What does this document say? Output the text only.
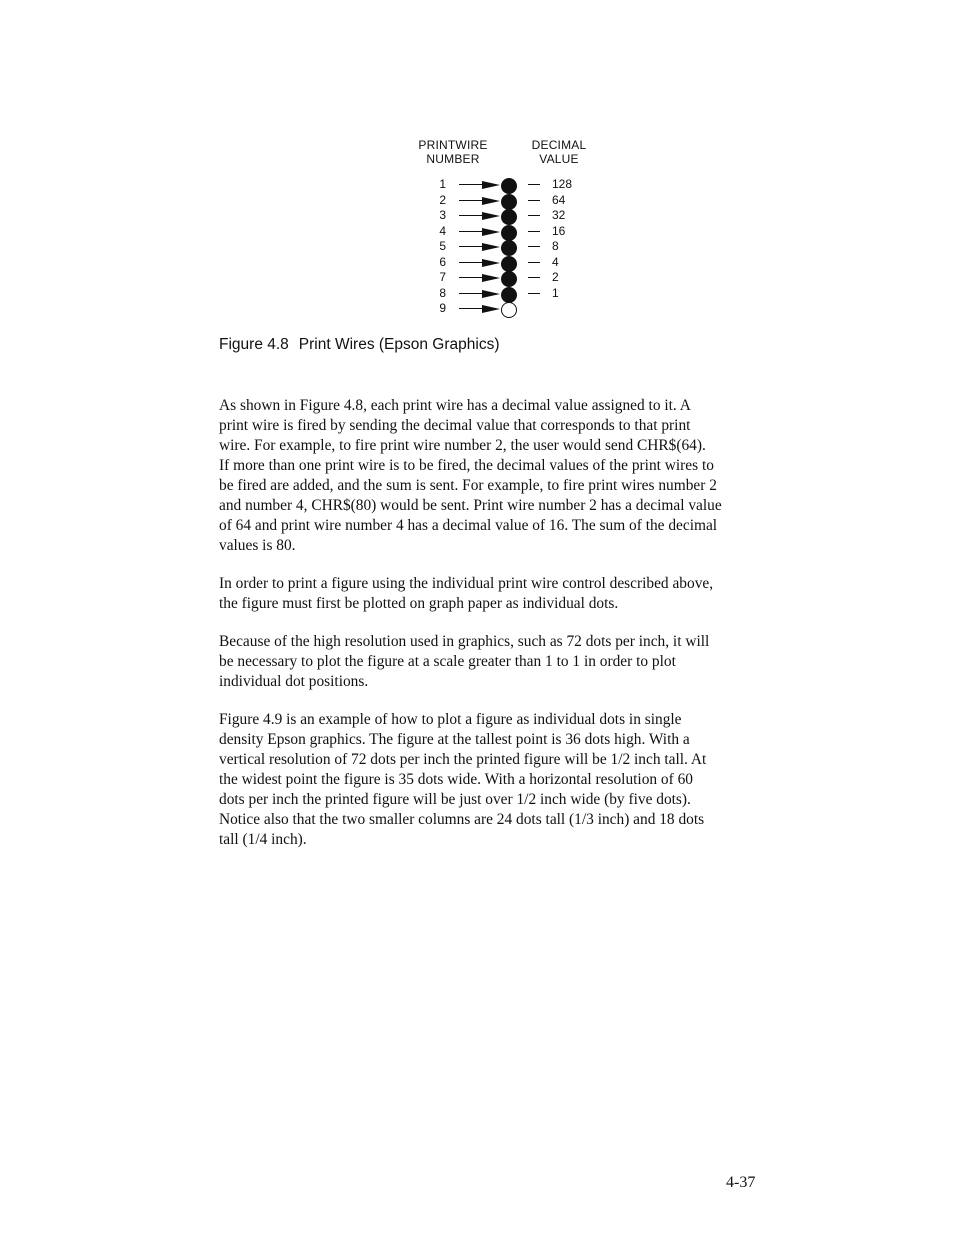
PRINTWIRE
NUMBER
DECIMAL
VALUE
1	128
2	64
3	32
4	16
5	8
6	4
7	2
8	1
9
Figure 4.8 Print Wires (Epson Graphics)

As shown in Figure 4.8, each print wire has a decimal value assigned to it. A

print wire is fired by sending the decimal value that corresponds to that print

wire. For example, to fire print wire number 2, the user would send CHR$(64).

If more than one print wire is to be fired, the decimal values of the print wires to

be fired are added, and the sum is sent. For example, to fire print wires number 2

and number 4, CHR$(80) would be sent. Print wire number 2 has a decimal value

of 64 and print wire number 4 has a decimal value of 16. The sum of the decimal

values is 80.

In order to print a figure using the individual print wire control described above,

the figure must first be plotted on graph paper as individual dots.

Because of the high resolution used in graphics, such as 72 dots per inch, it will

be necessary to plot the figure at a scale greater than 1 to 1 in order to plot

individual dot positions.

Figure 4.9 is an example of how to plot a figure as individual dots in single

density Epson graphics. The figure at the tallest point is 36 dots high. With a

vertical resolution of 72 dots per inch the printed figure will be 1/2 inch tall. At

the widest point the figure is 35 dots wide. With a horizontal resolution of 60

dots per inch the printed figure will be just over 1/2 inch wide (by five dots).

Notice also that the two smaller columns are 24 dots tall (1/3 inch) and 18 dots

tall (1/4 inch).

4-37
